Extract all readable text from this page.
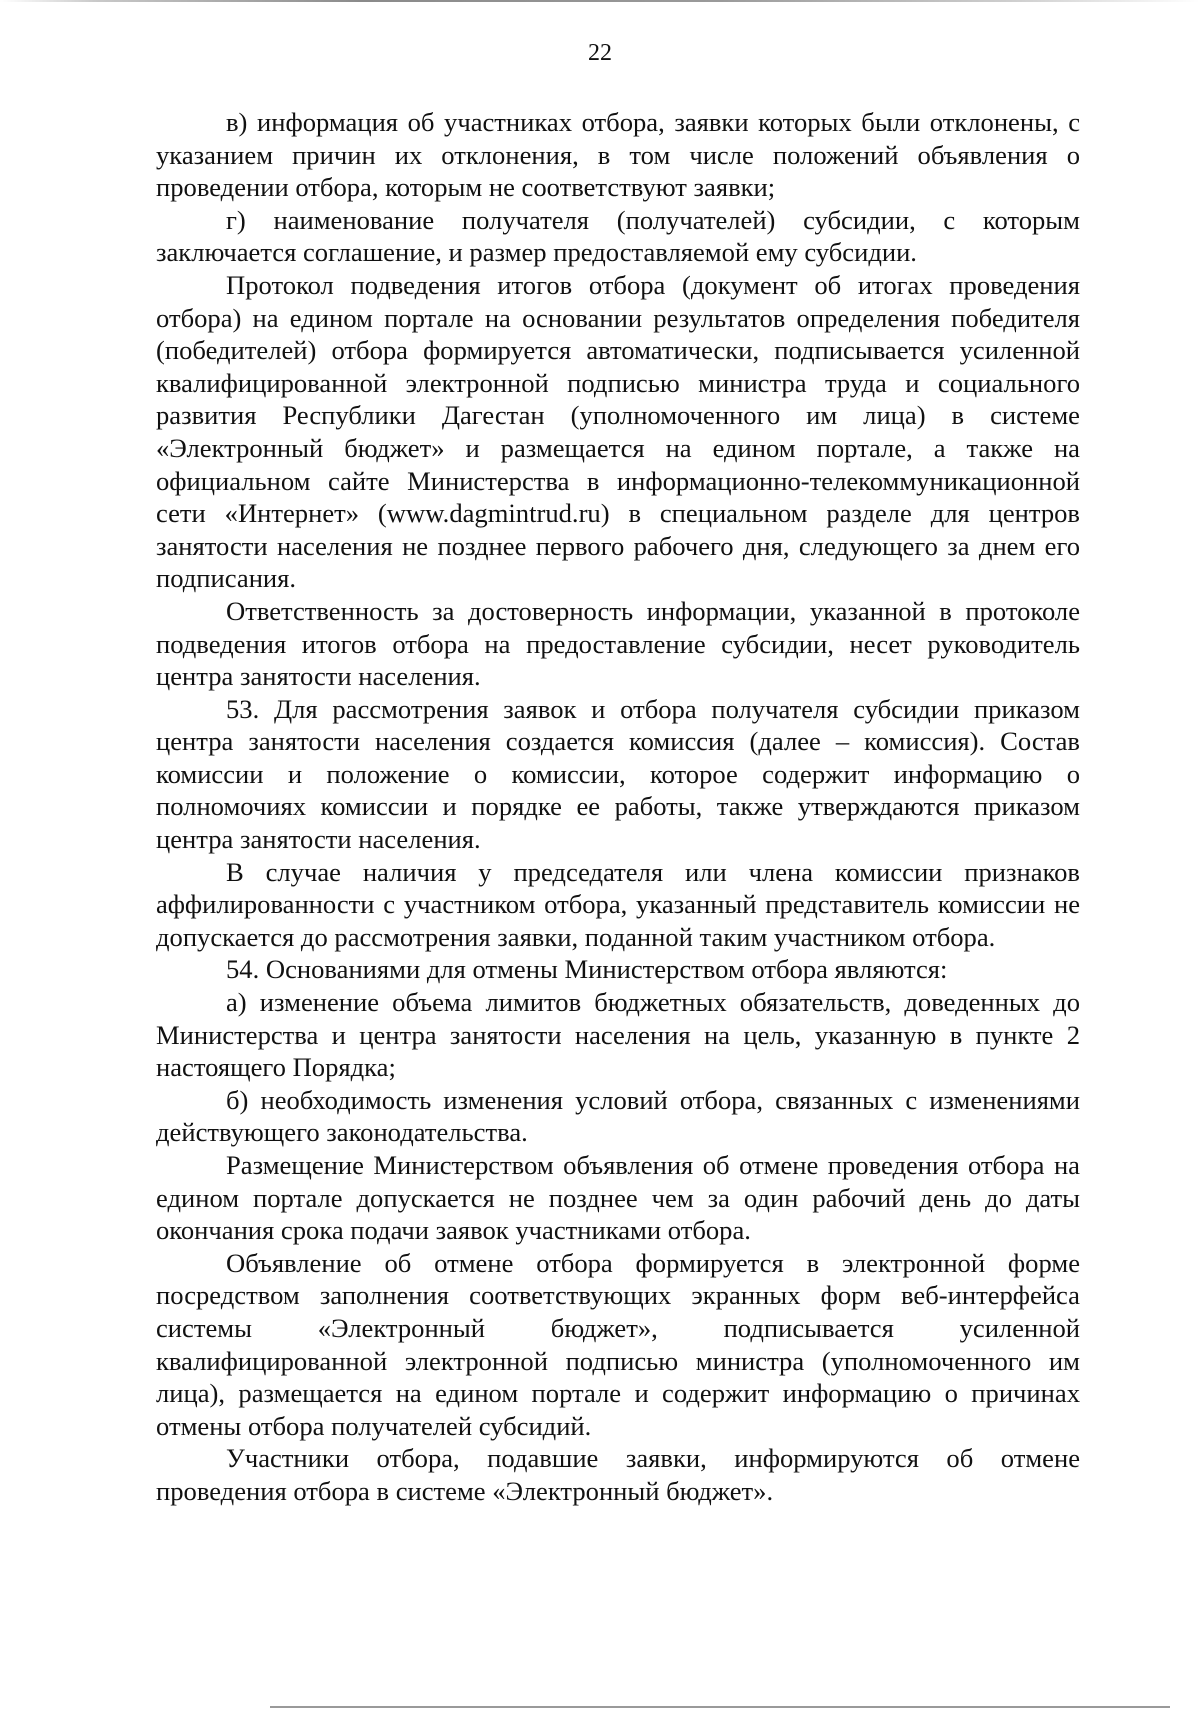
22

в) информация об участниках отбора, заявки которых были отклонены, с указанием причин их отклонения, в том числе положений объявления о проведении отбора, которым не соответствуют заявки;

г) наименование получателя (получателей) субсидии, с которым заключается соглашение, и размер предоставляемой ему субсидии.

Протокол подведения итогов отбора (документ об итогах проведения отбора) на едином портале на основании результатов определения победителя (победителей) отбора формируется автоматически, подписывается усиленной квалифицированной электронной подписью министра труда и социального развития Республики Дагестан (уполномоченного им лица) в системе «Электронный бюджет» и размещается на едином портале, а также на официальном сайте Министерства в информационно-телекоммуникационной сети «Интернет» (www.dagmintrud.ru) в специальном разделе для центров занятости населения не позднее первого рабочего дня, следующего за днем его подписания.

Ответственность за достоверность информации, указанной в протоколе подведения итогов отбора на предоставление субсидии, несет руководитель центра занятости населения.

53. Для рассмотрения заявок и отбора получателя субсидии приказом центра занятости населения создается комиссия (далее – комиссия). Состав комиссии и положение о комиссии, которое содержит информацию о полномочиях комиссии и порядке ее работы, также утверждаются приказом центра занятости населения.

В случае наличия у председателя или члена комиссии признаков аффилированности с участником отбора, указанный представитель комиссии не допускается до рассмотрения заявки, поданной таким участником отбора.

54. Основаниями для отмены Министерством отбора являются:

а) изменение объема лимитов бюджетных обязательств, доведенных до Министерства и центра занятости населения на цель, указанную в пункте 2 настоящего Порядка;

б) необходимость изменения условий отбора, связанных с изменениями действующего законодательства.

Размещение Министерством объявления об отмене проведения отбора на едином портале допускается не позднее чем за один рабочий день до даты окончания срока подачи заявок участниками отбора.

Объявление об отмене отбора формируется в электронной форме посредством заполнения соответствующих экранных форм веб-интерфейса системы «Электронный бюджет», подписывается усиленной квалифицированной электронной подписью министра (уполномоченного им лица), размещается на едином портале и содержит информацию о причинах отмены отбора получателей субсидий.

Участники отбора, подавшие заявки, информируются об отмене проведения отбора в системе «Электронный бюджет».
